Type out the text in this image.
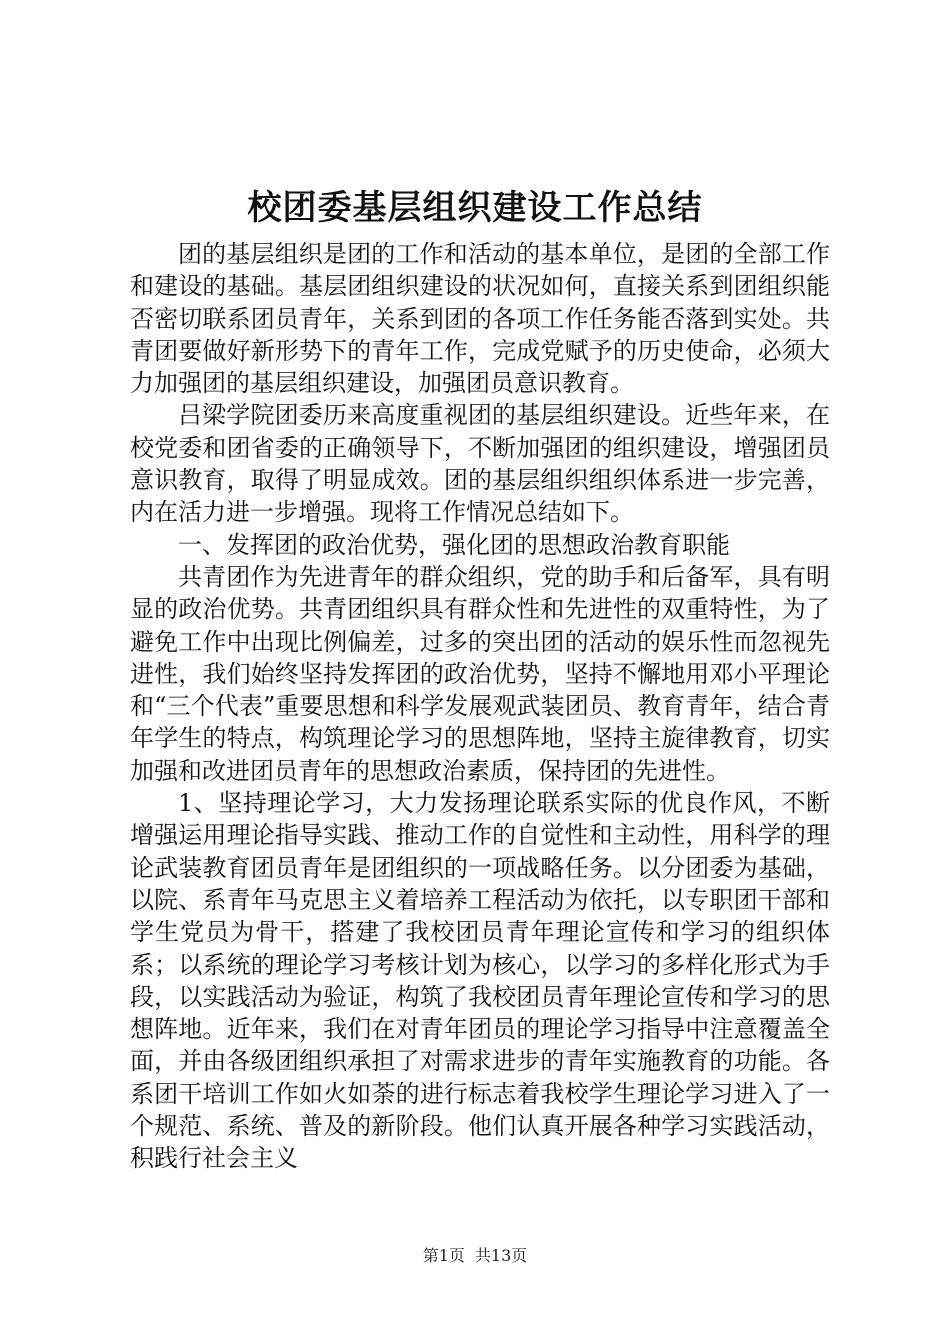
校团委基层组织建设工作总结

团的基层组织是团的工作和活动的基本单位，是团的全部工作和建设的基础。基层团组织建设的状况如何，直接关系到团组织能否密切联系团员青年，关系到团的各项工作任务能否落到实处。共青团要做好新形势下的青年工作，完成党赋予的历史使命，必须大力加强团的基层组织建设，加强团员意识教育。

吕梁学院团委历来高度重视团的基层组织建设。近些年来，在校党委和团省委的正确领导下，不断加强团的组织建设，增强团员意识教育，取得了明显成效。团的基层组织组织体系进一步完善，内在活力进一步增强。现将工作情况总结如下。

一、发挥团的政治优势，强化团的思想政治教育职能

共青团作为先进青年的群众组织，党的助手和后备军，具有明显的政治优势。共青团组织具有群众性和先进性的双重特性，为了避免工作中出现比例偏差，过多的突出团的活动的娱乐性而忽视先进性，我们始终坚持发挥团的政治优势，坚持不懈地用邓小平理论和“三个代表”重要思想和科学发展观武装团员、教育青年，结合青年学生的特点，构筑理论学习的思想阵地，坚持主旋律教育，切实加强和改进团员青年的思想政治素质，保持团的先进性。

1、坚持理论学习，大力发扬理论联系实际的优良作风，不断增强运用理论指导实践、推动工作的自觉性和主动性，用科学的理论武装教育团员青年是团组织的一项战略任务。以分团委为基础，以院、系青年马克思主义着培养工程活动为依托，以专职团干部和学生党员为骨干，搭建了我校团员青年理论宣传和学习的组织体系；以系统的理论学习考核计划为核心，以学习的多样化形式为手段，以实践活动为验证，构筑了我校团员青年理论宣传和学习的思想阵地。近年来，我们在对青年团员的理论学习指导中注意覆盖全面，并由各级团组织承担了对需求进步的青年实施教育的功能。各系团干培训工作如火如荼的进行标志着我校学生理论学习进入了一个规范、系统、普及的新阶段。他们认真开展各种学习实践活动，积践行社会主义

第1页 共13页
